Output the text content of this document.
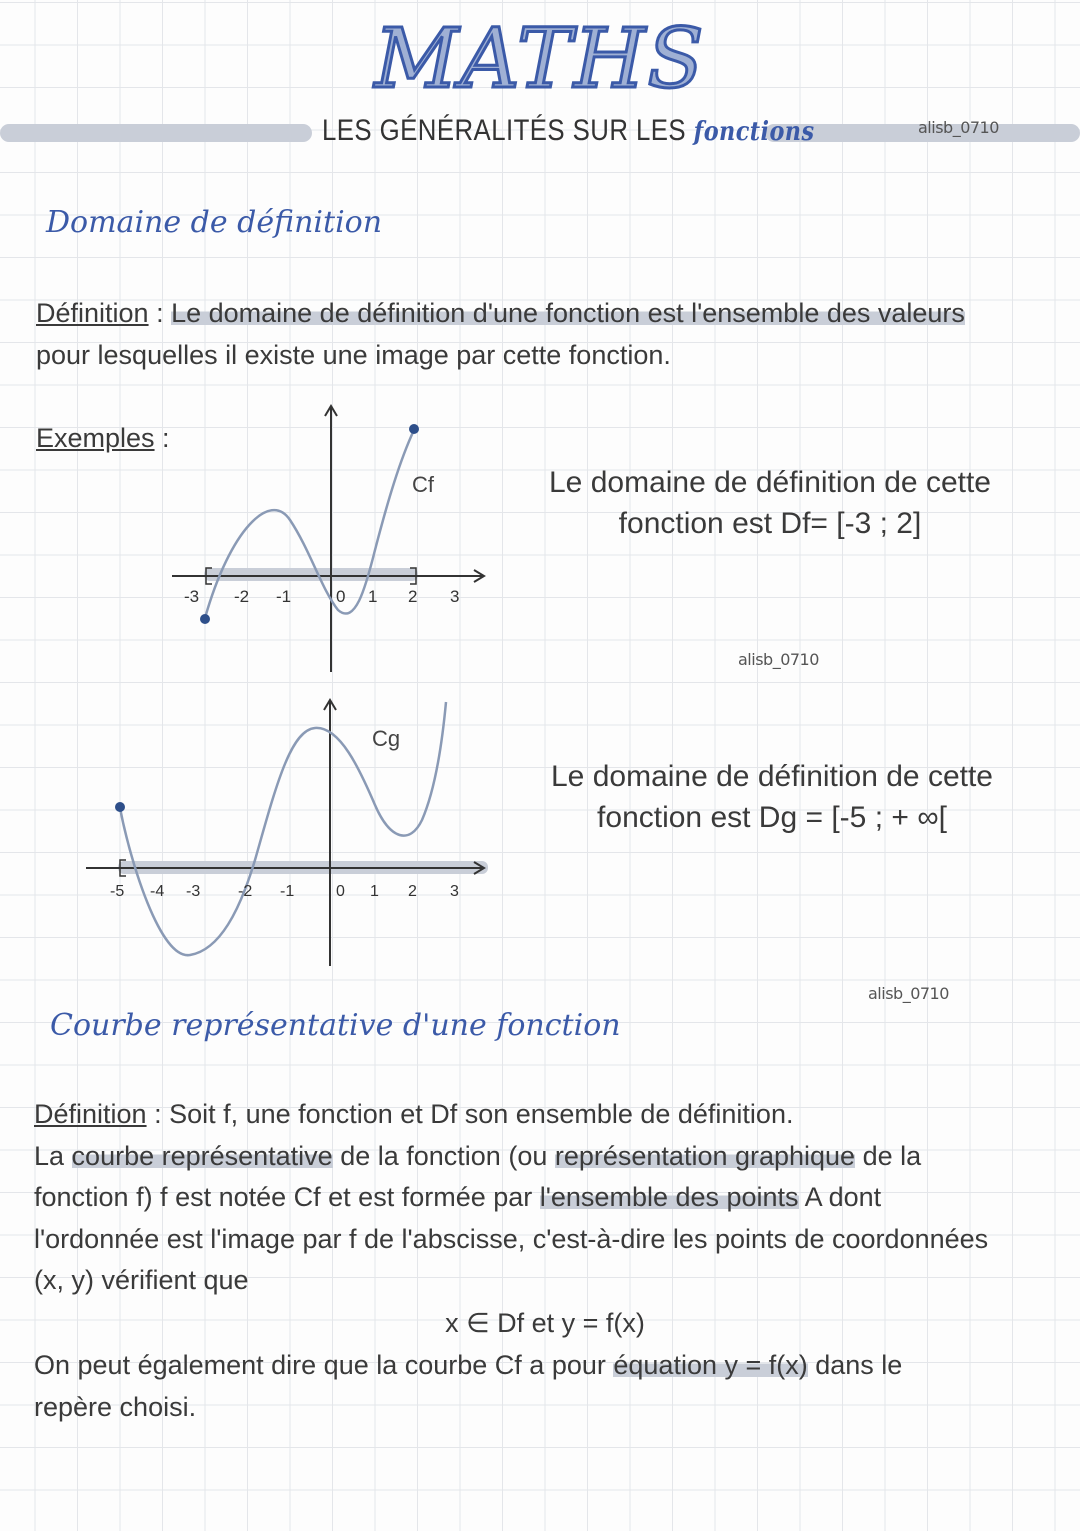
MATHS
LES GÉNÉRALITÉS SUR LES fonctions	alisb_0710
Domaine de définition
Définition : Le domaine de définition d'une fonction est l'ensemble des valeurs
pour lesquelles il existe une image par cette fonction.
Exemples :
-3 -2 -1	0 1 2 3
Cf	Le domaine de définition de cette
fonction est Df= [-3 ; 2]
alisb_0710
-5 -4 -3 -2 -1	0 1 2 3
Cg
Le domaine de définition de cette
fonction est Dg = [-5 ; + ∞[
alisb_0710
Courbe représentative d'une fonction
Définition : Soit f, une fonction et Df son ensemble de définition.
La courbe représentative de la fonction (ou représentation graphique de la
fonction f) f est notée Cf et est formée par l'ensemble des points A dont
l'ordonnée est l'image par f de l'abscisse, c'est-à-dire les points de coordonnées
(x, y) vérifient que
x ∈ Df et y = f(x)
On peut également dire que la courbe Cf a pour équation y = f(x) dans le
repère choisi.
